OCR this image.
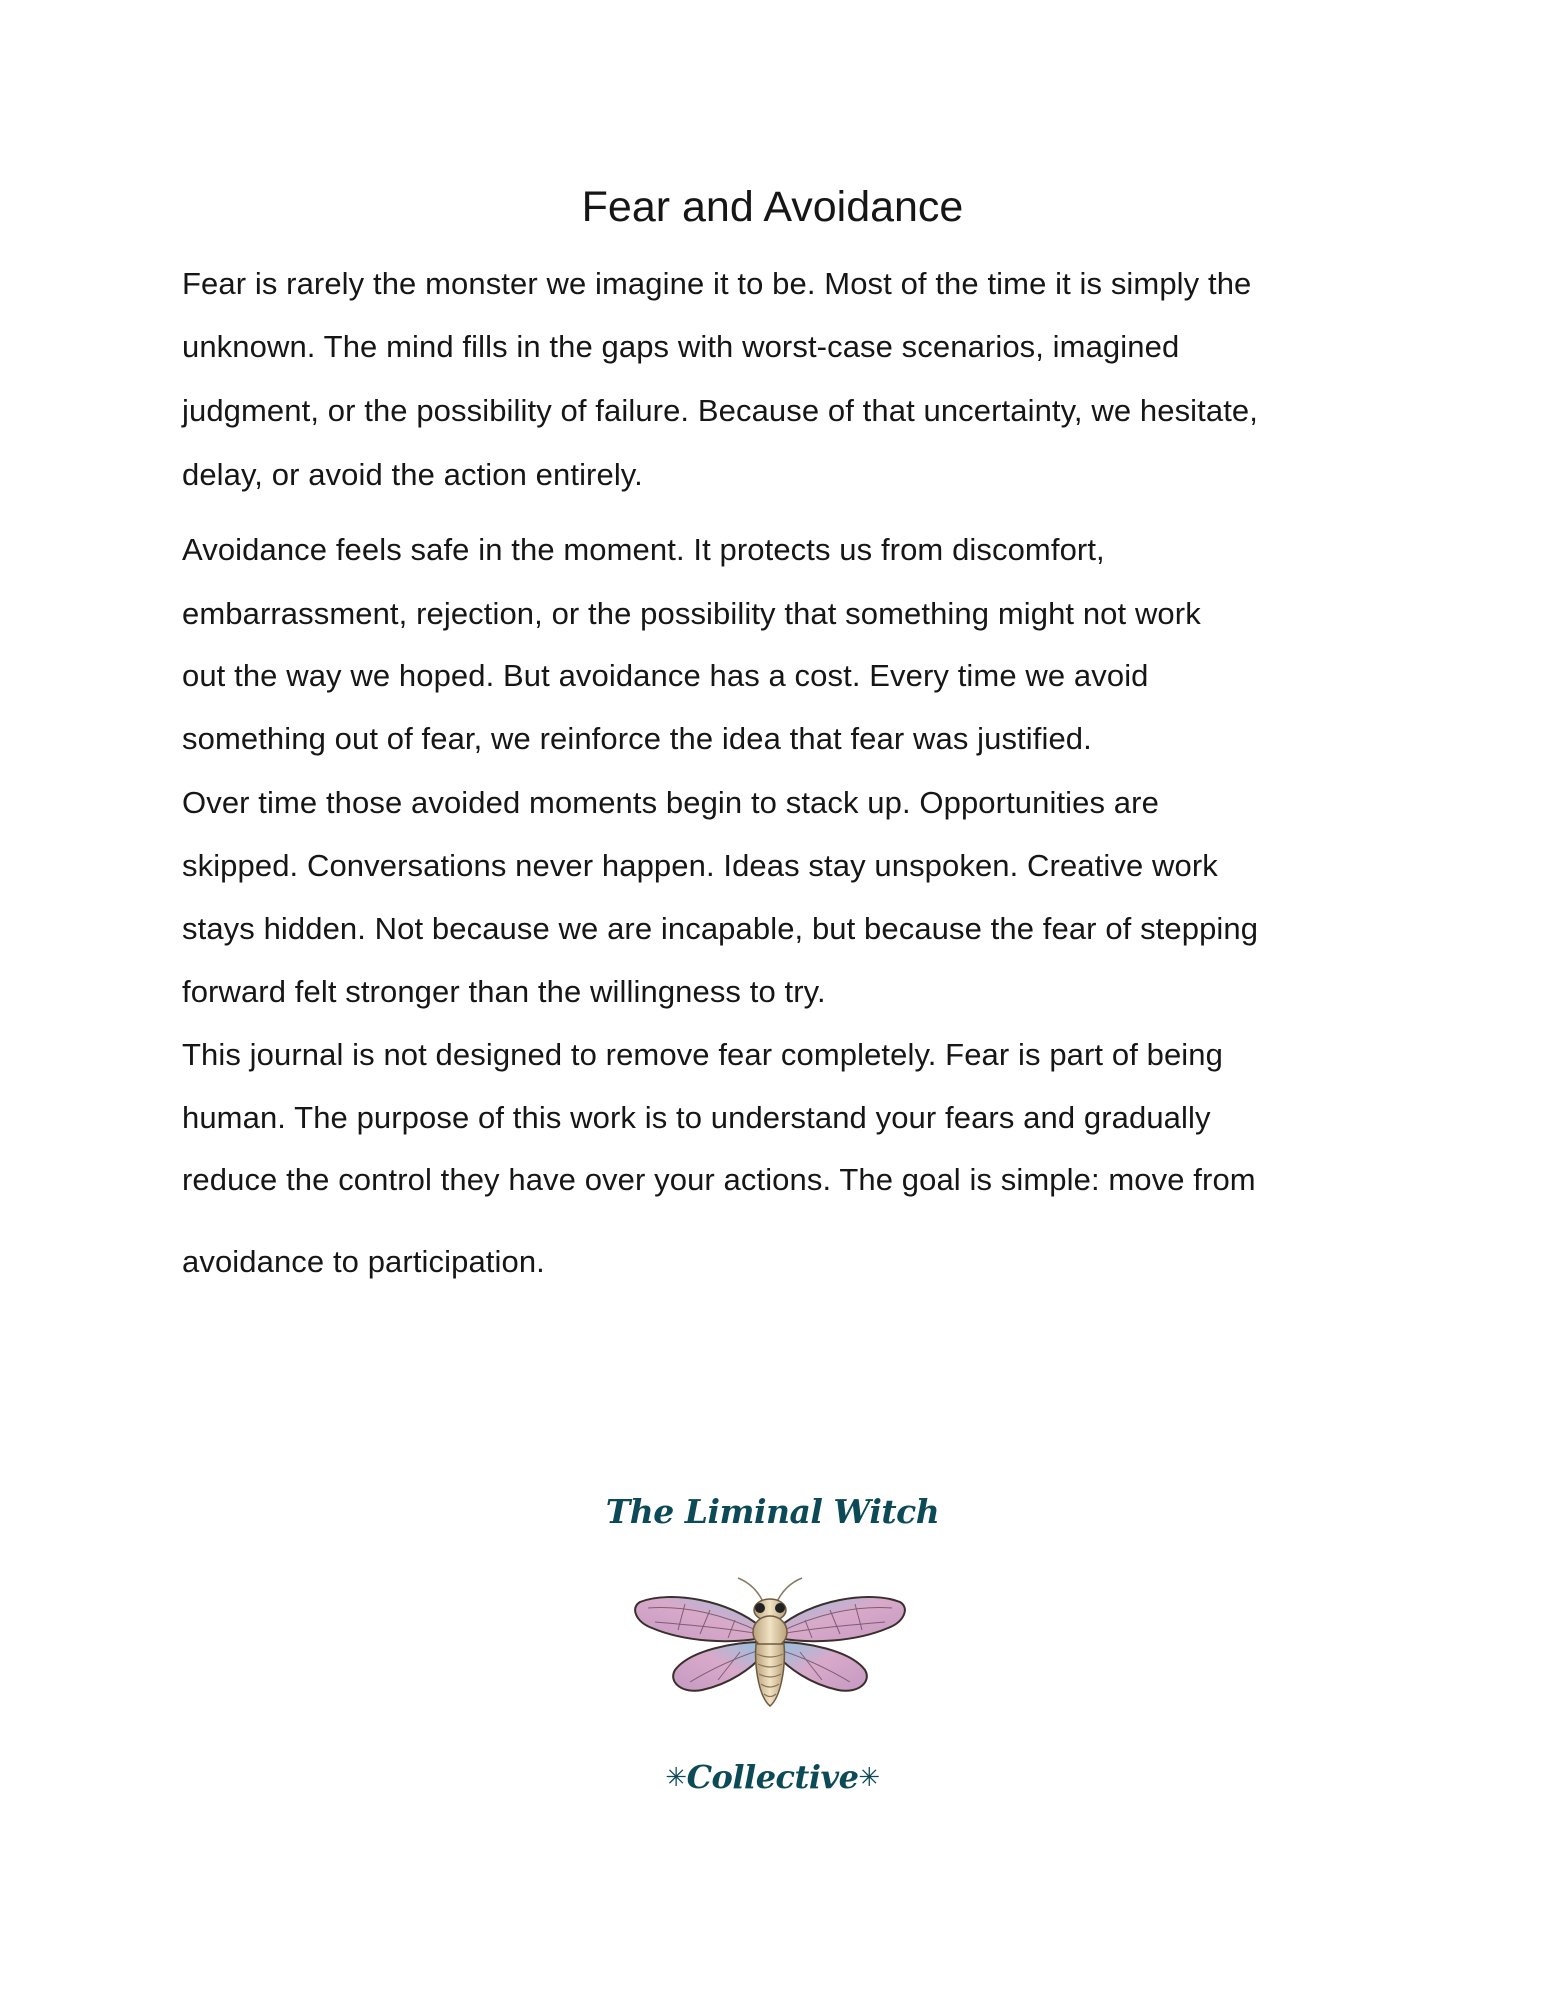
Fear and Avoidance
Fear is rarely the monster we imagine it to be. Most of the time it is simply the
unknown. The mind fills in the gaps with worst-case scenarios, imagined
judgment, or the possibility of failure. Because of that uncertainty, we hesitate,
delay, or avoid the action entirely.
Avoidance feels safe in the moment. It protects us from discomfort,
embarrassment, rejection, or the possibility that something might not work
out the way we hoped. But avoidance has a cost. Every time we avoid
something out of fear, we reinforce the idea that fear was justified.
Over time those avoided moments begin to stack up. Opportunities are
skipped. Conversations never happen. Ideas stay unspoken. Creative work
stays hidden. Not because we are incapable, but because the fear of stepping
forward felt stronger than the willingness to try.
This journal is not designed to remove fear completely. Fear is part of being
human. The purpose of this work is to understand your fears and gradually
reduce the control they have over your actions. The goal is simple: move from
avoidance to participation.
The Liminal Witch
✳Collective✳
